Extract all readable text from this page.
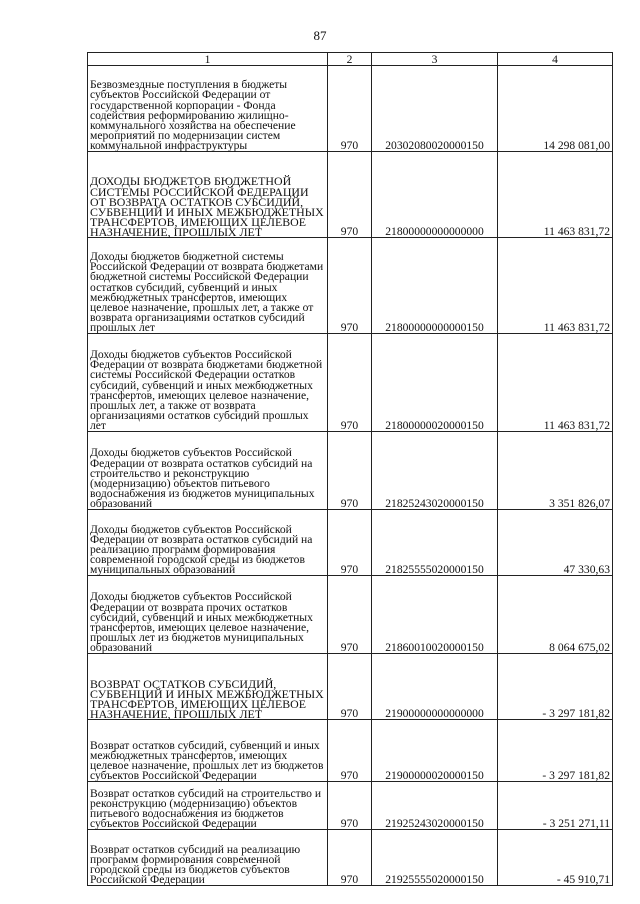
87
1	2	3	4
Безвозмездные поступления в бюджеты субъектов Российской Федерации от государственной корпорации - Фонда содействия реформированию жилищно-коммунального хозяйства на обеспечение мероприятий по модернизации систем коммунальной инфраструктуры	970	20302080020000150	14 298 081,00
ДОХОДЫ БЮДЖЕТОВ БЮДЖЕТНОЙ СИСТЕМЫ РОССИЙСКОЙ ФЕДЕРАЦИИ ОТ ВОЗВРАТА ОСТАТКОВ СУБСИДИЙ, СУБВЕНЦИЙ И ИНЫХ МЕЖБЮДЖЕТНЫХ ТРАНСФЕРТОВ, ИМЕЮЩИХ ЦЕЛЕВОЕ НАЗНАЧЕНИЕ, ПРОШЛЫХ ЛЕТ	970	21800000000000000	11 463 831,72
Доходы бюджетов бюджетной системы Российской Федерации от возврата бюджетами бюджетной системы Российской Федерации остатков субсидий, субвенций и иных межбюджетных трансфертов, имеющих целевое назначение, прошлых лет, а также от возврата организациями остатков субсидий прошлых лет	970	21800000000000150	11 463 831,72
Доходы бюджетов субъектов Российской Федерации от возврата бюджетами бюджетной системы Российской Федерации остатков субсидий, субвенций и иных межбюджетных трансфертов, имеющих целевое назначение, прошлых лет, а также от возврата организациями остатков субсидий прошлых лет	970	21800000020000150	11 463 831,72
Доходы бюджетов субъектов Российской Федерации от возврата остатков субсидий на строительство и реконструкцию (модернизацию) объектов питьевого водоснабжения из бюджетов муниципальных образований	970	21825243020000150	3 351 826,07
Доходы бюджетов субъектов Российской Федерации от возврата остатков субсидий на реализацию программ формирования современной городской среды из бюджетов муниципальных образований	970	21825555020000150	47 330,63
Доходы бюджетов субъектов Российской Федерации от возврата прочих остатков субсидий, субвенций и иных межбюджетных трансфертов, имеющих целевое назначение, прошлых лет из бюджетов муниципальных образований	970	21860010020000150	8 064 675,02
ВОЗВРАТ ОСТАТКОВ СУБСИДИЙ, СУБВЕНЦИЙ И ИНЫХ МЕЖБЮДЖЕТНЫХ ТРАНСФЕРТОВ, ИМЕЮЩИХ ЦЕЛЕВОЕ НАЗНАЧЕНИЕ, ПРОШЛЫХ ЛЕТ	970	21900000000000000	- 3 297 181,82
Возврат остатков субсидий, субвенций и иных межбюджетных трансфертов, имеющих целевое назначение, прошлых лет из бюджетов субъектов Российской Федерации	970	21900000020000150	- 3 297 181,82
Возврат остатков субсидий на строительство и реконструкцию (модернизацию) объектов питьевого водоснабжения из бюджетов субъектов Российской Федерации	970	21925243020000150	- 3 251 271,11
Возврат остатков субсидий на реализацию программ формирования современной городской среды из бюджетов субъектов Российской Федерации	970	21925555020000150	- 45 910,71
